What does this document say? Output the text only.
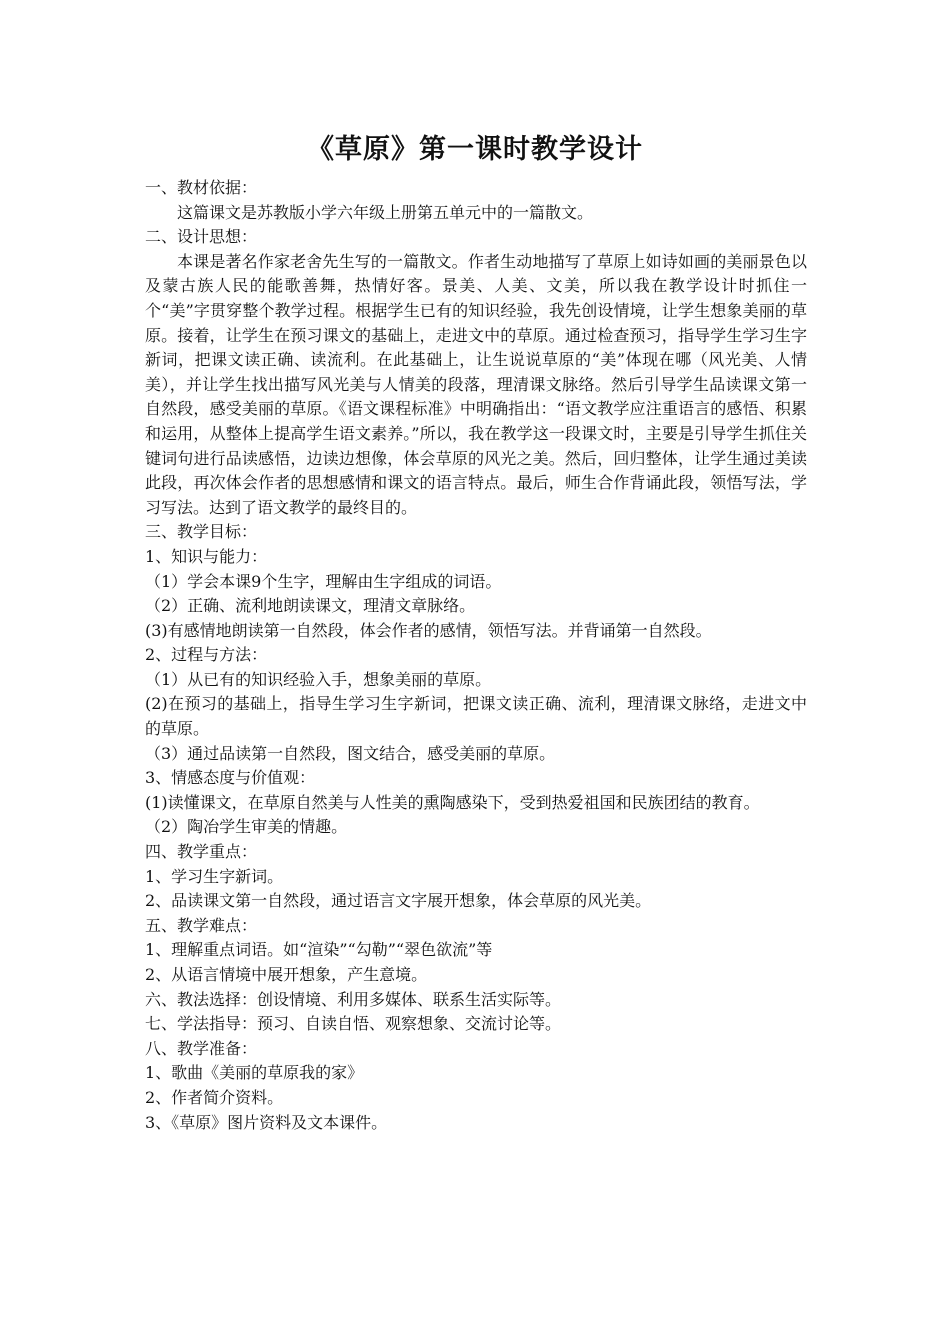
《草原》第一课时教学设计
一、教材依据：
这篇课文是苏教版小学六年级上册第五单元中的一篇散文。
二、设计思想：
本课是著名作家老舍先生写的一篇散文。作者生动地描写了草原上如诗如画的美丽景色以及蒙古族人民的能歌善舞，热情好客。景美、人美、文美，所以我在教学设计时抓住一个“美”字贯穿整个教学过程。根据学生已有的知识经验，我先创设情境，让学生想象美丽的草原。接着，让学生在预习课文的基础上，走进文中的草原。通过检查预习，指导学生学习生字新词，把课文读正确、读流利。在此基础上，让生说说草原的“美”体现在哪（风光美、人情美），并让学生找出描写风光美与人情美的段落，理清课文脉络。然后引导学生品读课文第一自然段，感受美丽的草原。《语文课程标准》中明确指出：“语文教学应注重语言的感悟、积累和运用，从整体上提高学生语文素养。”所以，我在教学这一段课文时，主要是引导学生抓住关键词句进行品读感悟，边读边想像，体会草原的风光之美。然后，回归整体，让学生通过美读此段，再次体会作者的思想感情和课文的语言特点。最后，师生合作背诵此段，领悟写法，学习写法。达到了语文教学的最终目的。
三、教学目标：
1、知识与能力：
（1）学会本课9个生字，理解由生字组成的词语。
（2）正确、流利地朗读课文，理清文章脉络。
(3)有感情地朗读第一自然段，体会作者的感情，领悟写法。并背诵第一自然段。
2、过程与方法：
（1）从已有的知识经验入手，想象美丽的草原。
(2)在预习的基础上，指导生学习生字新词，把课文读正确、流利，理清课文脉络，走进文中的草原。
（3）通过品读第一自然段，图文结合，感受美丽的草原。
3、情感态度与价值观：
(1)读懂课文，在草原自然美与人性美的熏陶感染下，受到热爱祖国和民族团结的教育。
（2）陶冶学生审美的情趣。
四、教学重点：
1、学习生字新词。
2、品读课文第一自然段，通过语言文字展开想象，体会草原的风光美。
五、教学难点：
1、理解重点词语。如“渲染”“勾勒”“翠色欲流”等
2、从语言情境中展开想象，产生意境。
六、教法选择：创设情境、利用多媒体、联系生活实际等。
七、学法指导：预习、自读自悟、观察想象、交流讨论等。
八、教学准备：
1、歌曲《美丽的草原我的家》
2、作者简介资料。
3、《草原》图片资料及文本课件。
